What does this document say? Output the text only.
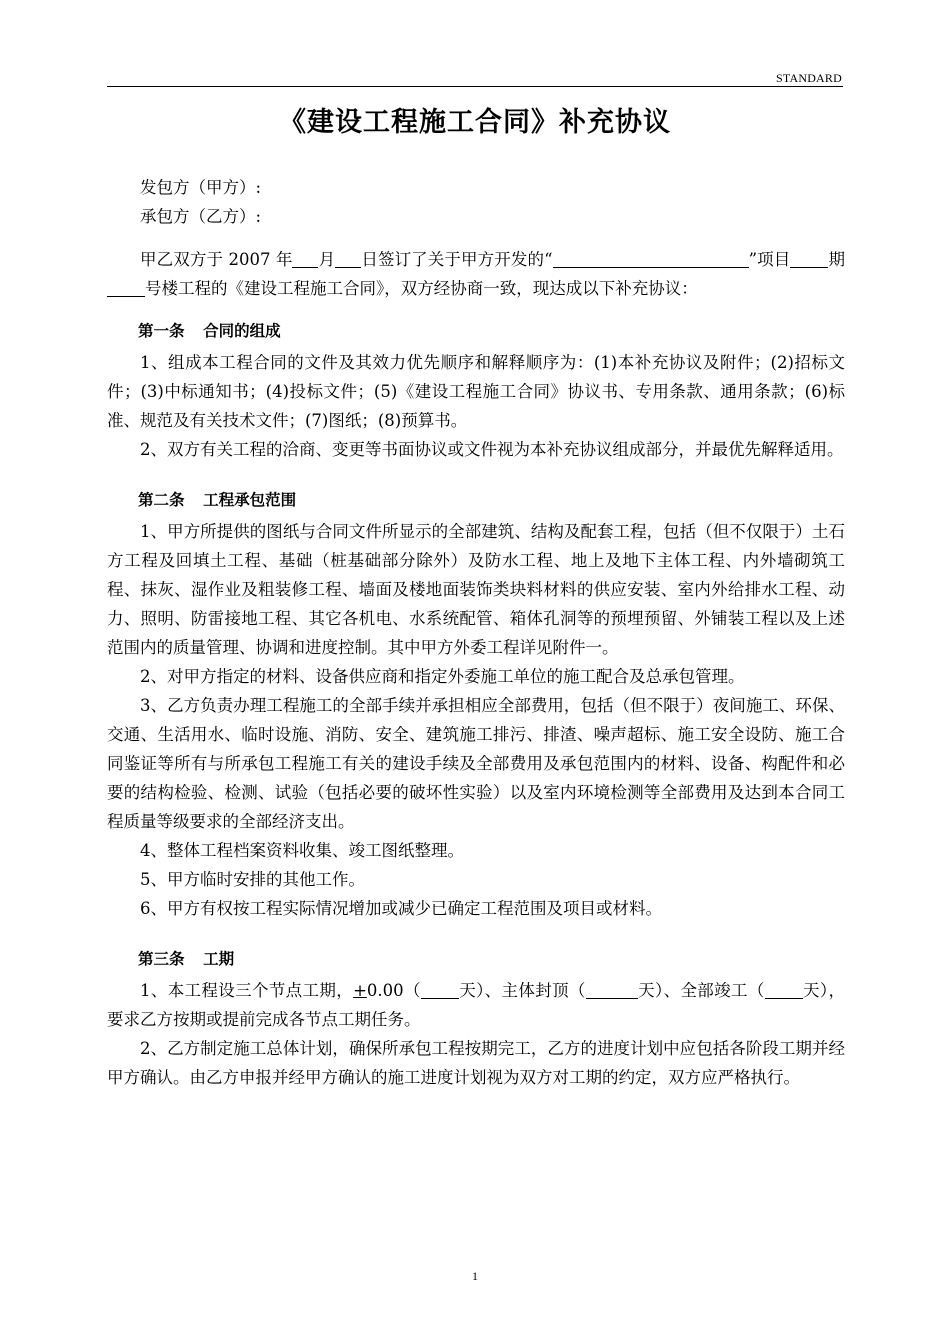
STANDARD
《建设工程施工合同》补充协议

发包方（甲方）:

承包方（乙方）:

甲乙双方于 2007 年 月 日签订了关于甲方开发的“	”项目 期号楼工程的《建设工程施工合同》，双方经协商一致，现达成以下补充协议：

第一条 合同的组成

1、组成本工程合同的文件及其效力优先顺序和解释顺序为：(1)本补充协议及附件；(2)招标文件；(3)中标通知书；(4)投标文件；(5)《建设工程施工合同》协议书、专用条款、通用条款；(6)标准、规范及有关技术文件；(7)图纸；(8)预算书。

2、双方有关工程的洽商、变更等书面协议或文件视为本补充协议组成部分，并最优先解释适用。

第二条 工程承包范围

1、甲方所提供的图纸与合同文件所显示的全部建筑、结构及配套工程，包括（但不仅限于）土石方工程及回填土工程、基础（桩基础部分除外）及防水工程、地上及地下主体工程、内外墙砌筑工程、抹灰、湿作业及粗装修工程、墙面及楼地面装饰类块料材料的供应安装、室内外给排水工程、动力、照明、防雷接地工程、其它各机电、水系统配管、箱体孔洞等的预埋预留、外铺装工程以及上述范围内的质量管理、协调和进度控制。其中甲方外委工程详见附件一。

2、对甲方指定的材料、设备供应商和指定外委施工单位的施工配合及总承包管理。

3、乙方负责办理工程施工的全部手续并承担相应全部费用，包括（但不限于）夜间施工、环保、交通、生活用水、临时设施、消防、安全、建筑施工排污、排渣、噪声超标、施工安全设防、施工合同鉴证等所有与所承包工程施工有关的建设手续及全部费用及承包范围内的材料、设备、构配件和必要的结构检验、检测、试验（包括必要的破坏性实验）以及室内环境检测等全部费用及达到本合同工程质量等级要求的全部经济支出。

4、整体工程档案资料收集、竣工图纸整理。

5、甲方临时安排的其他工作。

6、甲方有权按工程实际情况增加或减少已确定工程范围及项目或材料。

第三条 工期

1、本工程设三个节点工期，+0.00（ 天）、主体封顶（	天）、全部竣工（ 天），要求乙方按期或提前完成各节点工期任务。

2、乙方制定施工总体计划，确保所承包工程按期完工，乙方的进度计划中应包括各阶段工期并经甲方确认。由乙方申报并经甲方确认的施工进度计划视为双方对工期的约定，双方应严格执行。

1
